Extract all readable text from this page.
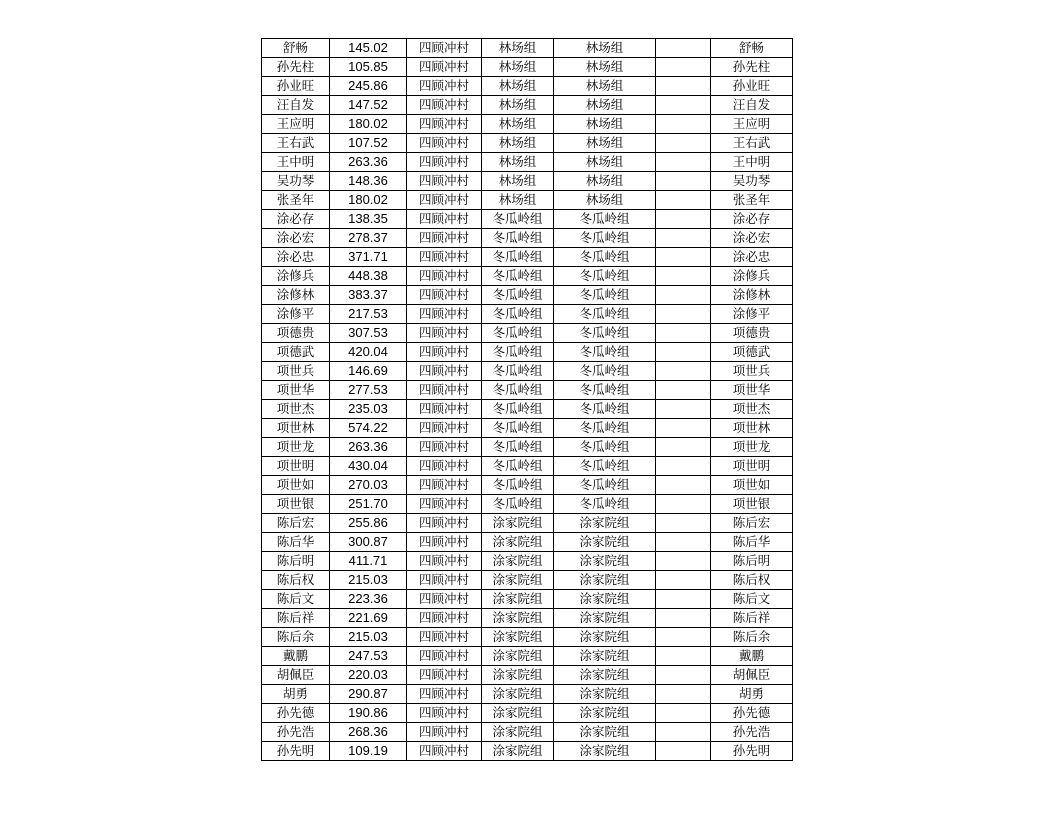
舒畅	145.02	四顾冲村	林场组	林场组		舒畅
孙先柱	105.85	四顾冲村	林场组	林场组		孙先柱
孙业旺	245.86	四顾冲村	林场组	林场组		孙业旺
汪自发	147.52	四顾冲村	林场组	林场组		汪自发
王应明	180.02	四顾冲村	林场组	林场组		王应明
王右武	107.52	四顾冲村	林场组	林场组		王右武
王中明	263.36	四顾冲村	林场组	林场组		王中明
吴功琴	148.36	四顾冲村	林场组	林场组		吴功琴
张圣年	180.02	四顾冲村	林场组	林场组		张圣年
涂必存	138.35	四顾冲村	冬瓜岭组	冬瓜岭组		涂必存
涂必宏	278.37	四顾冲村	冬瓜岭组	冬瓜岭组		涂必宏
涂必忠	371.71	四顾冲村	冬瓜岭组	冬瓜岭组		涂必忠
涂修兵	448.38	四顾冲村	冬瓜岭组	冬瓜岭组		涂修兵
涂修林	383.37	四顾冲村	冬瓜岭组	冬瓜岭组		涂修林
涂修平	217.53	四顾冲村	冬瓜岭组	冬瓜岭组		涂修平
项德贵	307.53	四顾冲村	冬瓜岭组	冬瓜岭组		项德贵
项德武	420.04	四顾冲村	冬瓜岭组	冬瓜岭组		项德武
项世兵	146.69	四顾冲村	冬瓜岭组	冬瓜岭组		项世兵
项世华	277.53	四顾冲村	冬瓜岭组	冬瓜岭组		项世华
项世杰	235.03	四顾冲村	冬瓜岭组	冬瓜岭组		项世杰
项世林	574.22	四顾冲村	冬瓜岭组	冬瓜岭组		项世林
项世龙	263.36	四顾冲村	冬瓜岭组	冬瓜岭组		项世龙
项世明	430.04	四顾冲村	冬瓜岭组	冬瓜岭组		项世明
项世如	270.03	四顾冲村	冬瓜岭组	冬瓜岭组		项世如
项世银	251.70	四顾冲村	冬瓜岭组	冬瓜岭组		项世银
陈后宏	255.86	四顾冲村	涂家院组	涂家院组		陈后宏
陈后华	300.87	四顾冲村	涂家院组	涂家院组		陈后华
陈后明	411.71	四顾冲村	涂家院组	涂家院组		陈后明
陈后权	215.03	四顾冲村	涂家院组	涂家院组		陈后权
陈后文	223.36	四顾冲村	涂家院组	涂家院组		陈后文
陈后祥	221.69	四顾冲村	涂家院组	涂家院组		陈后祥
陈后余	215.03	四顾冲村	涂家院组	涂家院组		陈后余
戴鹏	247.53	四顾冲村	涂家院组	涂家院组		戴鹏
胡佩臣	220.03	四顾冲村	涂家院组	涂家院组		胡佩臣
胡勇	290.87	四顾冲村	涂家院组	涂家院组		胡勇
孙先德	190.86	四顾冲村	涂家院组	涂家院组		孙先德
孙先浩	268.36	四顾冲村	涂家院组	涂家院组		孙先浩
孙先明	109.19	四顾冲村	涂家院组	涂家院组		孙先明
